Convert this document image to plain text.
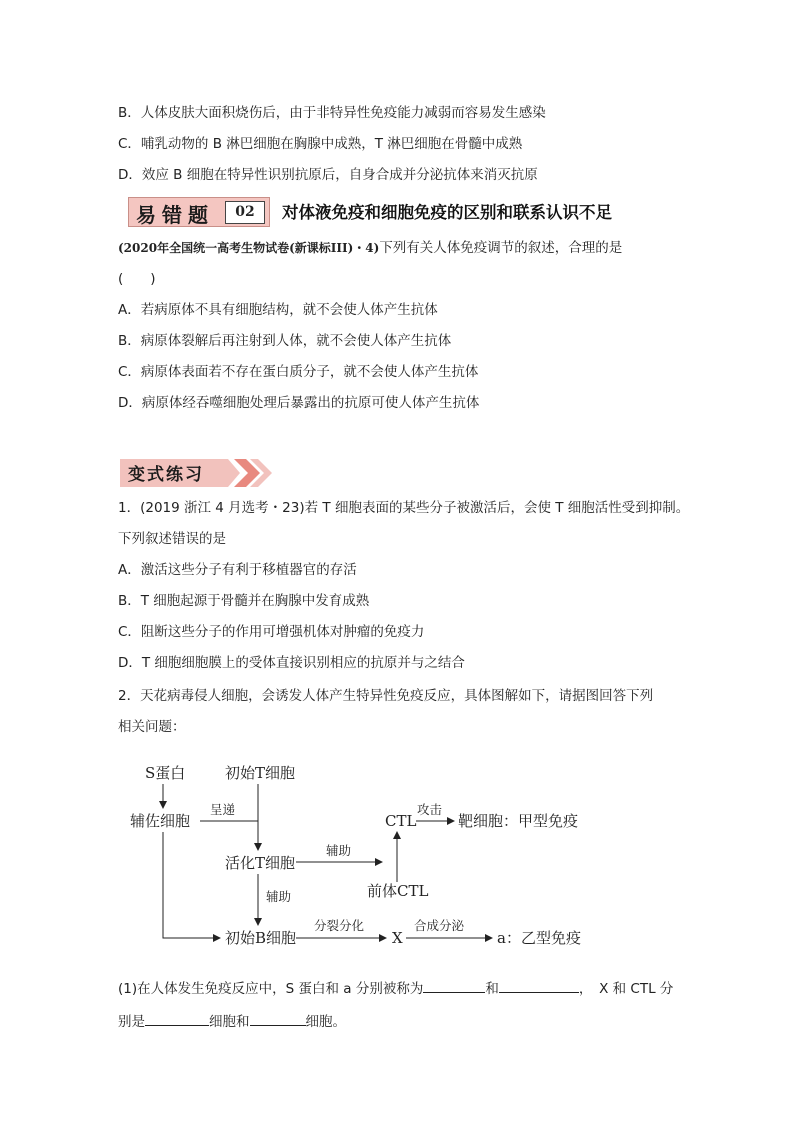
B．人体皮肤大面积烧伤后，由于非特异性免疫能力减弱而容易发生感染
C．哺乳动物的 B 淋巴细胞在胸腺中成熟，T 淋巴细胞在骨髓中成熟
D．效应 B 细胞在特异性识别抗原后，自身合成并分泌抗体来消灭抗原
易错题	02	对体液免疫和细胞免疫的区别和联系认识不足
(2020年全国统一高考生物试卷(新课标III)・4)下列有关人体免疫调节的叙述，合理的是
(　　)
A．若病原体不具有细胞结构，就不会使人体产生抗体
B．病原体裂解后再注射到人体，就不会使人体产生抗体
C．病原体表面若不存在蛋白质分子，就不会使人体产生抗体
D．病原体经吞噬细胞处理后暴露出的抗原可使人体产生抗体
变式练习
1．(2019 浙江 4 月选考・23)若 T 细胞表面的某些分子被激活后，会使 T 细胞活性受到抑制。
下列叙述错误的是
A．激活这些分子有利于移植器官的存活
B．T 细胞起源于骨髓并在胸腺中发育成熟
C．阻断这些分子的作用可增强机体对肿瘤的免疫力
D．T 细胞细胞膜上的受体直接识别相应的抗原并与之结合
2．天花病毒侵人细胞，会诱发人体产生特异性免疫反应，具体图解如下，请据图回答下列
相关问题：
S蛋白	初始T细胞
辅佐细胞
呈递
CTL
攻击
靶细胞：甲型免疫
活化T细胞
辅助
前体CTL
辅助
初始B细胞
分裂分化
X
合成分泌
a：乙型免疫
(1)在人体发生免疫反应中，S 蛋白和 a 分别被称为	和	，　X 和 CTL 分
别是	细胞和	细胞。
